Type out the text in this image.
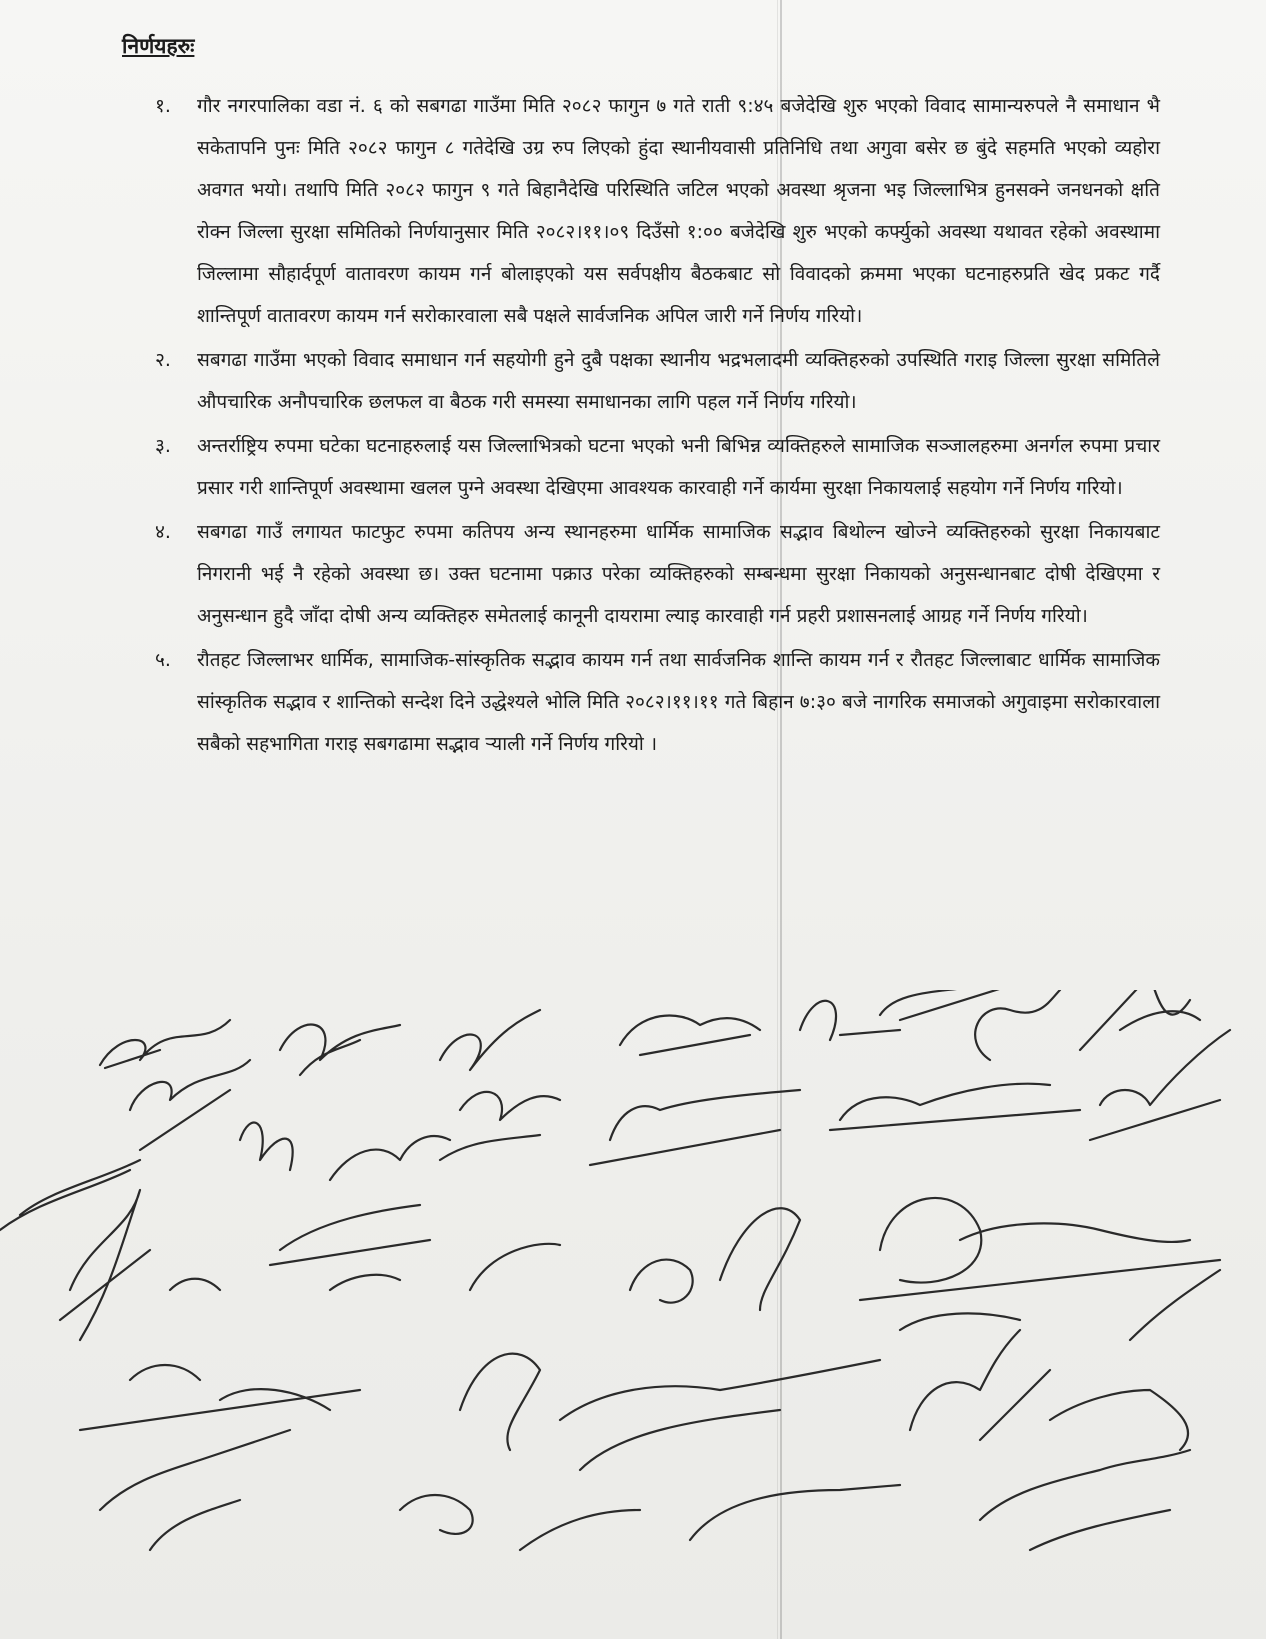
निर्णयहरुः
१.	गौर नगरपालिका वडा नं. ६ को सबगढा गाउँमा मिति २०८२ फागुन ७ गते राती ९:४५ बजेदेखि शुरु भएको विवाद सामान्यरुपले नै समाधान भै सकेतापनि पुनः मिति २०८२ फागुन ८ गतेदेखि उग्र रुप लिएको हुंदा स्थानीयवासी प्रतिनिधि तथा अगुवा बसेर छ बुंदे सहमति भएको व्यहोरा अवगत भयो। तथापि मिति २०८२ फागुन ९ गते बिहानैदेखि परिस्थिति जटिल भएको अवस्था श्रृजना भइ जिल्लाभित्र हुनसक्ने जनधनको क्षति रोक्न जिल्ला सुरक्षा समितिको निर्णयानुसार मिति २०८२।११।०९ दिउँसो १:०० बजेदेखि शुरु भएको कर्फ्युको अवस्था यथावत रहेको अवस्थामा जिल्लामा सौहार्दपूर्ण वातावरण कायम गर्न बोलाइएको यस सर्वपक्षीय बैठकबाट सो विवादको क्रममा भएका घटनाहरुप्रति खेद प्रकट गर्दै शान्तिपूर्ण वातावरण कायम गर्न सरोकारवाला सबै पक्षले सार्वजनिक अपिल जारी गर्ने निर्णय गरियो।
२.	सबगढा गाउँमा भएको विवाद समाधान गर्न सहयोगी हुने दुबै पक्षका स्थानीय भद्रभलादमी व्यक्तिहरुको उपस्थिति गराइ जिल्ला सुरक्षा समितिले औपचारिक अनौपचारिक छलफल वा बैठक गरी समस्या समाधानका लागि पहल गर्ने निर्णय गरियो।
३.	अन्तर्राष्ट्रिय रुपमा घटेका घटनाहरुलाई यस जिल्लाभित्रको घटना भएको भनी बिभिन्न व्यक्तिहरुले सामाजिक सञ्जालहरुमा अनर्गल रुपमा प्रचार प्रसार गरी शान्तिपूर्ण अवस्थामा खलल पुग्ने अवस्था देखिएमा आवश्यक कारवाही गर्ने कार्यमा सुरक्षा निकायलाई सहयोग गर्ने निर्णय गरियो।
४.	सबगढा गाउँ लगायत फाटफुट रुपमा कतिपय अन्य स्थानहरुमा धार्मिक सामाजिक सद्भाव बिथोल्न खोज्ने व्यक्तिहरुको सुरक्षा निकायबाट निगरानी भई नै रहेको अवस्था छ। उक्त घटनामा पक्राउ परेका व्यक्तिहरुको सम्बन्धमा सुरक्षा निकायको अनुसन्धानबाट दोषी देखिएमा र अनुसन्धान हुदै जाँदा दोषी अन्य व्यक्तिहरु समेतलाई कानूनी दायरामा ल्याइ कारवाही गर्न प्रहरी प्रशासनलाई आग्रह गर्ने निर्णय गरियो।
५.	रौतहट जिल्लाभर धार्मिक, सामाजिक-सांस्कृतिक सद्भाव कायम गर्न तथा सार्वजनिक शान्ति कायम गर्न र रौतहट जिल्लाबाट धार्मिक सामाजिक सांस्कृतिक सद्भाव र शान्तिको सन्देश दिने उद्धेश्यले भोलि मिति २०८२।११।११ गते बिहान ७:३० बजे नागरिक समाजको अगुवाइमा सरोकारवाला सबैको सहभागिता गराइ सबगढामा सद्भाव र्‍याली गर्ने निर्णय गरियो ।
